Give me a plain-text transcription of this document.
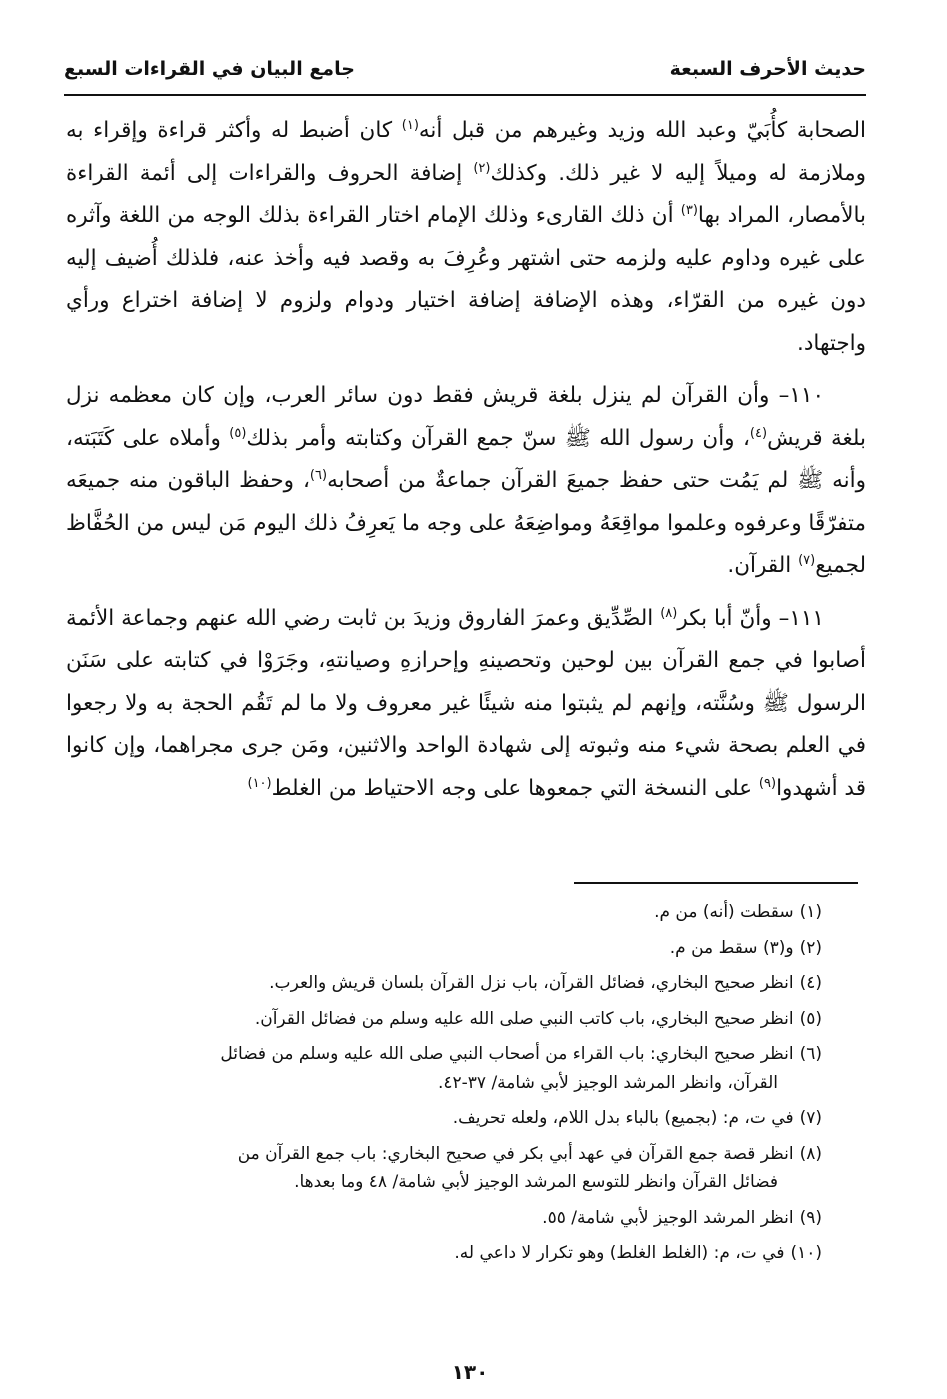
حديث الأحرف السبعة
جامع البيان في القراءات السبع

الصحابة كأُبَيّ وعبد الله وزيد وغيرهم من قبل أنه$^{(١)}$ كان أضبط له وأكثر قراءة وإقراء به وملازمة له وميلاً إليه لا غير ذلك. وكذلك$^{(٢)}$ إضافة الحروف والقراءات إلى أئمة القراءة بالأمصار، المراد بها$^{(٣)}$ أن ذلك القارىء وذلك الإمام اختار القراءة بذلك الوجه من اللغة وآثره على غيره وداوم عليه ولزمه حتى اشتهر وعُرِفَ به وقصد فيه وأخذ عنه، فلذلك أُضيف إليه دون غيره من القرّاء، وهذه الإضافة إضافة اختيار ودوام ولزوم لا إضافة اختراع ورأي واجتهاد.

١١٠– وأن القرآن لم ينزل بلغة قريش فقط دون سائر العرب، وإن كان معظمه نزل بلغة قريش$^{(٤)}$، وأن رسول الله ﷺ سنّ جمع القرآن وكتابته وأمر بذلك$^{(٥)}$ وأملاه على كَتَبَته، وأنه ﷺ لم يَمُت حتى حفظ جميعَ القرآن جماعةٌ من أصحابه$^{(٦)}$، وحفظ الباقون منه جميعَه متفرّقًا وعرفوه وعلموا مواقِعَهُ ومواضِعَهُ على وجه ما يَعرِفُ ذلك اليوم مَن ليس من الحُفَّاظ لجميع$^{(٧)}$ القرآن.

١١١– وأنّ أبا بكر$^{(٨)}$ الصِّدِّيق وعمرَ الفاروق وزيدَ بن ثابت رضي الله عنهم وجماعة الأئمة أصابوا في جمع القرآن بين لوحين وتحصينهِ وإحرازهِ وصيانتهِ، وجَرَوْا في كتابته على سَنَن الرسول ﷺ وسُنَّته، وإنهم لم يثبتوا منه شيئًا غير معروف ولا ما لم تَقُم الحجة به ولا رجعوا في العلم بصحة شيء منه وثبوته إلى شهادة الواحد والاثنين، ومَن جرى مجراهما، وإن كانوا قد أشهدوا$^{(٩)}$ على النسخة التي جمعوها على وجه الاحتياط من الغلط$^{(١٠)}$

(١)سقطت (أنه) من م.
(٢)و(٣) سقط من م.
(٤)انظر صحيح البخاري، فضائل القرآن، باب نزل القرآن بلسان قريش والعرب.
(٥)انظر صحيح البخاري، باب كاتب النبي صلى الله عليه وسلم من فضائل القرآن.
(٦)انظر صحيح البخاري: باب القراء من أصحاب النبي صلى الله عليه وسلم من فضائل
القرآن، وانظر المرشد الوجيز لأبي شامة/ ٣٧-٤٢.
(٧)في ت، م: (بجميع) بالباء بدل اللام، ولعله تحريف.
(٨)انظر قصة جمع القرآن في عهد أبي بكر في صحيح البخاري: باب جمع القرآن من
فضائل القرآن وانظر للتوسع المرشد الوجيز لأبي شامة/ ٤٨ وما بعدها.
(٩)انظر المرشد الوجيز لأبي شامة/ ٥٥.
(١٠)في ت، م: (الغلط الغلط) وهو تكرار لا داعي له.
١٣٠
